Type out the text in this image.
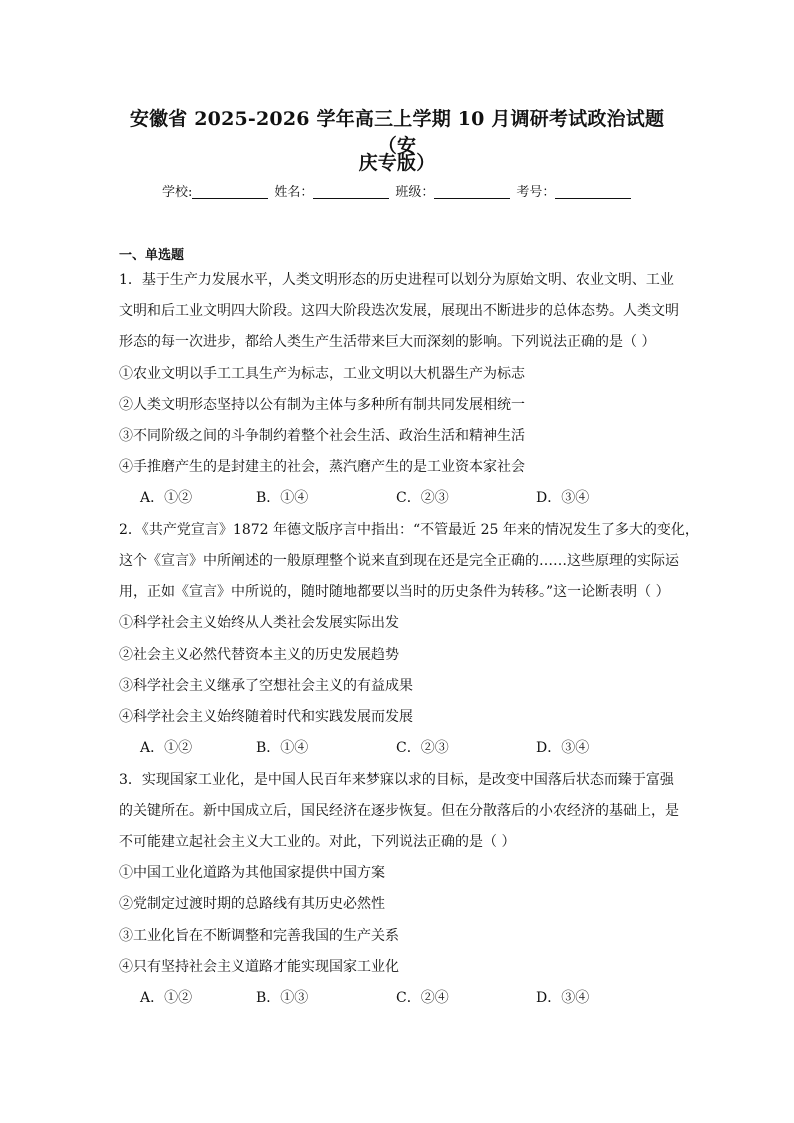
安徽省 2025-2026 学年高三上学期 10 月调研考试政治试题（安
庆专版）
学校:	姓名：	班级：	考号：
一、单选题
1．基于生产力发展水平，人类文明形态的历史进程可以划分为原始文明、农业文明、工业
文明和后工业文明四大阶段。这四大阶段迭次发展，展现出不断进步的总体态势。人类文明
形态的每一次进步，都给人类生产生活带来巨大而深刻的影响。下列说法正确的是（ ）
①农业文明以手工工具生产为标志，工业文明以大机器生产为标志
②人类文明形态坚持以公有制为主体与多种所有制共同发展相统一
③不同阶级之间的斗争制约着整个社会生活、政治生活和精神生活
④手推磨产生的是封建主的社会，蒸汽磨产生的是工业资本家社会
A．①②	B．①④	C．②③	D．③④
2．《共产党宣言》1872 年德文版序言中指出：“不管最近 25 年来的情况发生了多大的变化，
这个《宣言》中所阐述的一般原理整个说来直到现在还是完全正确的……这些原理的实际运
用，正如《宣言》中所说的，随时随地都要以当时的历史条件为转移。”这一论断表明（ ）
①科学社会主义始终从人类社会发展实际出发
②社会主义必然代替资本主义的历史发展趋势
③科学社会主义继承了空想社会主义的有益成果
④科学社会主义始终随着时代和实践发展而发展
A．①②	B．①④	C．②③	D．③④
3．实现国家工业化，是中国人民百年来梦寐以求的目标，是改变中国落后状态而臻于富强
的关键所在。新中国成立后，国民经济在逐步恢复。但在分散落后的小农经济的基础上，是
不可能建立起社会主义大工业的。对此，下列说法正确的是（ ）
①中国工业化道路为其他国家提供中国方案
②党制定过渡时期的总路线有其历史必然性
③工业化旨在不断调整和完善我国的生产关系
④只有坚持社会主义道路才能实现国家工业化
A．①②	B．①③	C．②④	D．③④
